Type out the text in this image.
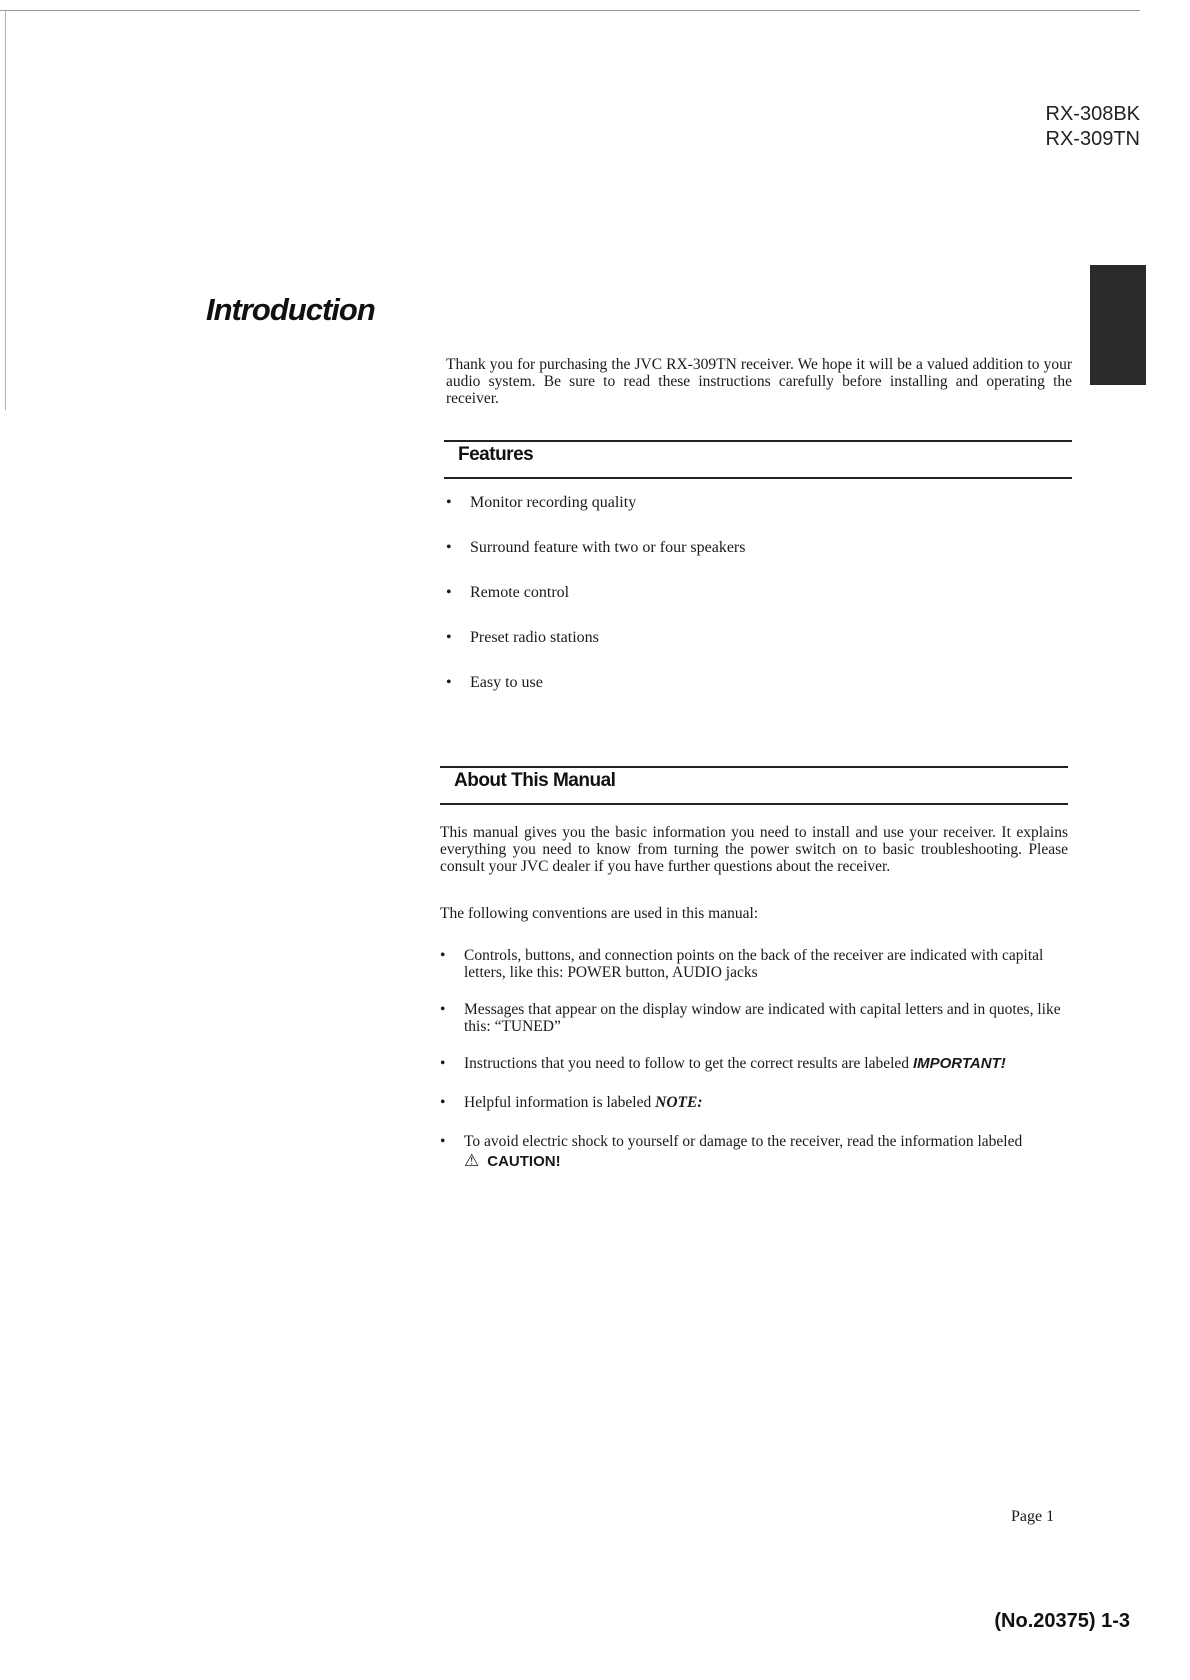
RX-308BK
RX-309TN
Introduction

Thank you for purchasing the JVC RX-309TN receiver. We hope it will be a valued addition to your audio system. Be sure to read these instructions carefully before installing and operating the receiver.

Features
• Monitor recording quality
• Surround feature with two or four speakers
• Remote control
• Preset radio stations
• Easy to use
About This Manual

This manual gives you the basic information you need to install and use your receiver. It explains everything you need to know from turning the power switch on to basic troubleshooting. Please consult your JVC dealer if you have further questions about the receiver.

The following conventions are used in this manual:

• Controls, buttons, and connection points on the back of the receiver are indicated with capital letters, like this: POWER button, AUDIO jacks
• Messages that appear on the display window are indicated with capital letters and in quotes, like this: “TUNED”
• Instructions that you need to follow to get the correct results are labeled IMPORTANT!
• Helpful information is labeled NOTE:
• To avoid electric shock to yourself or damage to the receiver, read the information labeled
⚠ CAUTION!

Page 1

(No.20375) 1-3
